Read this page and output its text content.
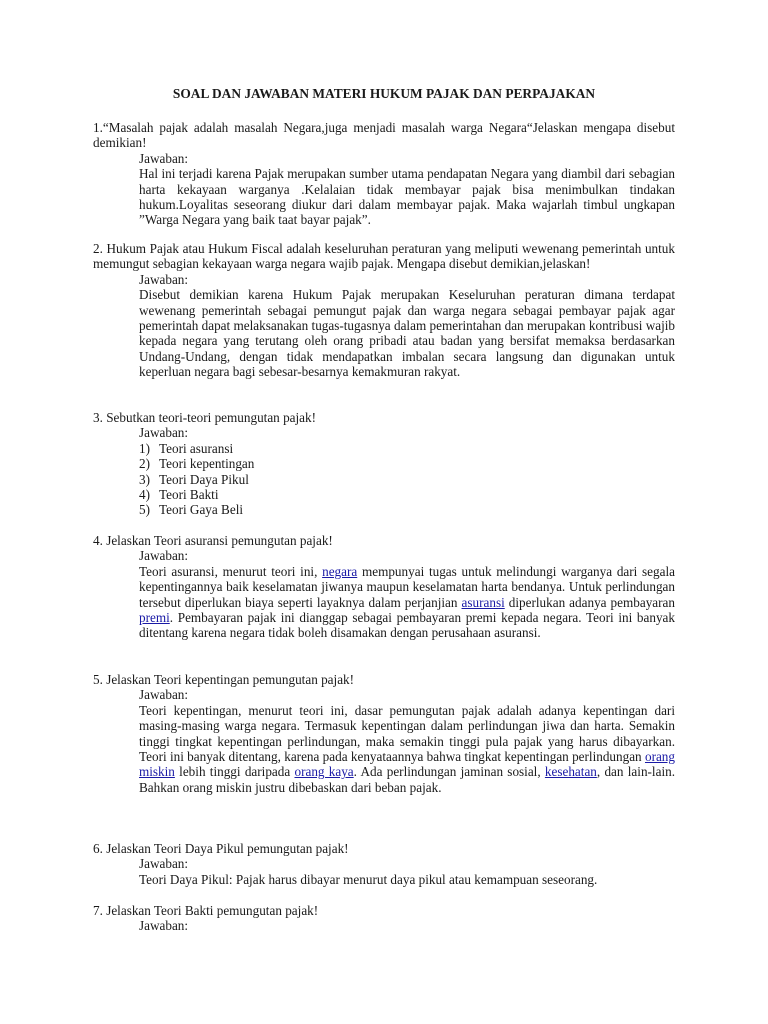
SOAL DAN JAWABAN MATERI HUKUM PAJAK DAN PERPAJAKAN

1.“Masalah pajak adalah masalah Negara,juga menjadi masalah warga Negara“Jelaskan mengapa disebut demikian!

Jawaban:

Hal ini terjadi karena Pajak merupakan sumber utama pendapatan Negara yang diambil dari sebagian harta kekayaan warganya .Kelalaian tidak membayar pajak bisa menimbulkan tindakan hukum.Loyalitas seseorang diukur dari dalam membayar pajak. Maka wajarlah timbul ungkapan ”Warga Negara yang baik taat bayar pajak”.

2. Hukum Pajak atau Hukum Fiscal adalah keseluruhan peraturan yang meliputi wewenang pemerintah untuk memungut sebagian kekayaan warga negara wajib pajak. Mengapa disebut demikian,jelaskan!

Jawaban:

Disebut demikian karena Hukum Pajak merupakan Keseluruhan peraturan dimana terdapat wewenang pemerintah sebagai pemungut pajak dan warga negara sebagai pembayar pajak agar pemerintah dapat melaksanakan tugas-tugasnya dalam pemerintahan dan merupakan kontribusi wajib kepada negara yang terutang oleh orang pribadi atau badan yang bersifat memaksa berdasarkan Undang-Undang, dengan tidak mendapatkan imbalan secara langsung dan digunakan untuk keperluan negara bagi sebesar-besarnya kemakmuran rakyat.

3. Sebutkan teori-teori pemungutan pajak!

Jawaban:

1) Teori asuransi
2) Teori kepentingan
3) Teori Daya Pikul
4) Teori Bakti
5) Teori Gaya Beli

4. Jelaskan Teori asuransi pemungutan pajak!

Jawaban:

Teori asuransi, menurut teori ini, negara mempunyai tugas untuk melindungi warganya dari segala kepentingannya baik keselamatan jiwanya maupun keselamatan harta bendanya. Untuk perlindungan tersebut diperlukan biaya seperti layaknya dalam perjanjian asuransi diperlukan adanya pembayaran premi. Pembayaran pajak ini dianggap sebagai pembayaran premi kepada negara. Teori ini banyak ditentang karena negara tidak boleh disamakan dengan perusahaan asuransi.

5. Jelaskan Teori kepentingan pemungutan pajak!

Jawaban:

Teori kepentingan, menurut teori ini, dasar pemungutan pajak adalah adanya kepentingan dari masing-masing warga negara. Termasuk kepentingan dalam perlindungan jiwa dan harta. Semakin tinggi tingkat kepentingan perlindungan, maka semakin tinggi pula pajak yang harus dibayarkan. Teori ini banyak ditentang, karena pada kenyataannya bahwa tingkat kepentingan perlindungan orang miskin lebih tinggi daripada orang kaya. Ada perlindungan jaminan sosial, kesehatan, dan lain-lain. Bahkan orang miskin justru dibebaskan dari beban pajak.

6. Jelaskan Teori Daya Pikul pemungutan pajak!

Jawaban:

Teori Daya Pikul: Pajak harus dibayar menurut daya pikul atau kemampuan seseorang.

7. Jelaskan Teori Bakti pemungutan pajak!

Jawaban:
